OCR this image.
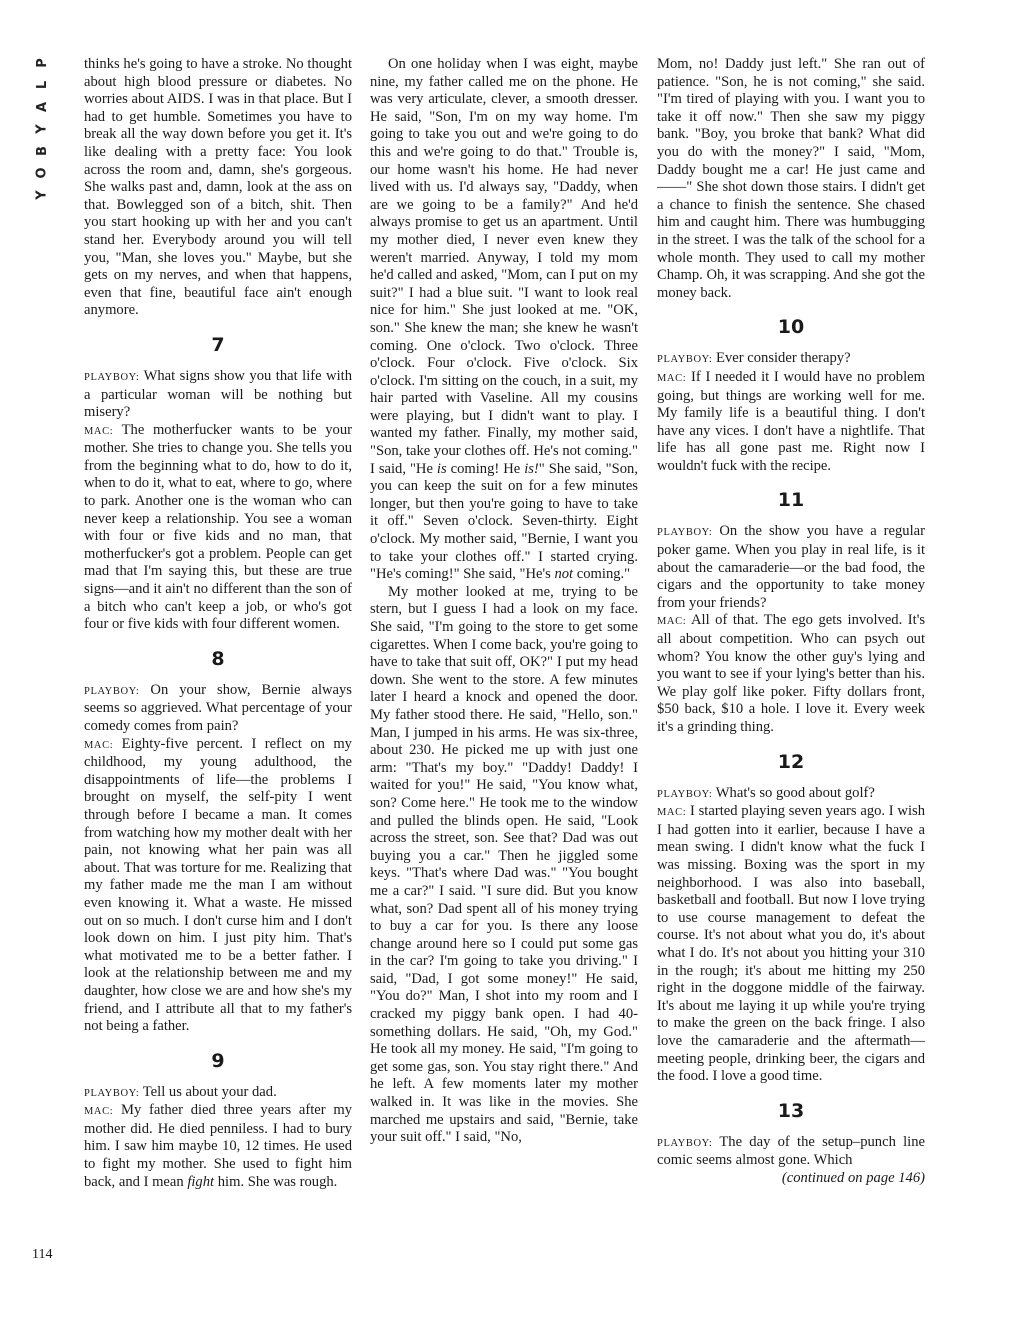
P
L
A
Y
B
O
Y

thinks he's going to have a stroke. No thought about high blood pressure or diabetes. No worries about AIDS. I was in that place. But I had to get humble. Sometimes you have to break all the way down before you get it. It's like dealing with a pretty face: You look across the room and, damn, she's gorgeous. She walks past and, damn, look at the ass on that. Bowlegged son of a bitch, shit. Then you start hooking up with her and you can't stand her. Everybody around you will tell you, "Man, she loves you." Maybe, but she gets on my nerves, and when that happens, even that fine, beautiful face ain't enough anymore.

7

PLAYBOY: What signs show you that life with a particular woman will be nothing but misery?

MAC: The motherfucker wants to be your mother. She tries to change you. She tells you from the beginning what to do, how to do it, when to do it, what to eat, where to go, where to park. Another one is the woman who can never keep a relationship. You see a woman with four or five kids and no man, that motherfucker's got a problem. People can get mad that I'm saying this, but these are true signs—and it ain't no different than the son of a bitch who can't keep a job, or who's got four or five kids with four different women.

8

PLAYBOY: On your show, Bernie always seems so aggrieved. What percentage of your comedy comes from pain?

MAC: Eighty-five percent. I reflect on my childhood, my young adulthood, the disappointments of life—the problems I brought on myself, the self-pity I went through before I became a man. It comes from watching how my mother dealt with her pain, not knowing what her pain was all about. That was torture for me. Realizing that my father made me the man I am without even knowing it. What a waste. He missed out on so much. I don't curse him and I don't look down on him. I just pity him. That's what motivated me to be a better father. I look at the relationship between me and my daughter, how close we are and how she's my friend, and I attribute all that to my father's not being a father.

9

PLAYBOY: Tell us about your dad.

MAC: My father died three years after my mother did. He died penniless. I had to bury him. I saw him maybe 10, 12 times. He used to fight my mother. She used to fight him back, and I mean fight him. She was rough.

On one holiday when I was eight, maybe nine, my father called me on the phone. He was very articulate, clever, a smooth dresser. He said, "Son, I'm on my way home. I'm going to take you out and we're going to do this and we're going to do that." Trouble is, our home wasn't his home. He had never lived with us. I'd always say, "Daddy, when are we going to be a family?" And he'd always promise to get us an apartment. Until my mother died, I never even knew they weren't married. Anyway, I told my mom he'd called and asked, "Mom, can I put on my suit?" I had a blue suit. "I want to look real nice for him." She just looked at me. "OK, son." She knew the man; she knew he wasn't coming. One o'clock. Two o'clock. Three o'clock. Four o'clock. Five o'clock. Six o'clock. I'm sitting on the couch, in a suit, my hair parted with Vaseline. All my cousins were playing, but I didn't want to play. I wanted my father. Finally, my mother said, "Son, take your clothes off. He's not coming." I said, "He is coming! He is!" She said, "Son, you can keep the suit on for a few minutes longer, but then you're going to have to take it off." Seven o'clock. Seven-thirty. Eight o'clock. My mother said, "Bernie, I want you to take your clothes off." I started crying. "He's coming!" She said, "He's not coming."

My mother looked at me, trying to be stern, but I guess I had a look on my face. She said, "I'm going to the store to get some cigarettes. When I come back, you're going to have to take that suit off, OK?" I put my head down. She went to the store. A few minutes later I heard a knock and opened the door. My father stood there. He said, "Hello, son." Man, I jumped in his arms. He was six-three, about 230. He picked me up with just one arm: "That's my boy." "Daddy! Daddy! I waited for you!" He said, "You know what, son? Come here." He took me to the window and pulled the blinds open. He said, "Look across the street, son. See that? Dad was out buying you a car." Then he jiggled some keys. "That's where Dad was." "You bought me a car?" I said. "I sure did. But you know what, son? Dad spent all of his money trying to buy a car for you. Is there any loose change around here so I could put some gas in the car? I'm going to take you driving." I said, "Dad, I got some money!" He said, "You do?" Man, I shot into my room and I cracked my piggy bank open. I had 40-something dollars. He said, "Oh, my God." He took all my money. He said, "I'm going to get some gas, son. You stay right there." And he left. A few moments later my mother walked in. It was like in the movies. She marched me upstairs and said, "Bernie, take your suit off." I said, "No,

Mom, no! Daddy just left." She ran out of patience. "Son, he is not coming," she said. "I'm tired of playing with you. I want you to take it off now." Then she saw my piggy bank. "Boy, you broke that bank? What did you do with the money?" I said, "Mom, Daddy bought me a car! He just came and——" She shot down those stairs. I didn't get a chance to finish the sentence. She chased him and caught him. There was humbugging in the street. I was the talk of the school for a whole month. They used to call my mother Champ. Oh, it was scrapping. And she got the money back.

10

PLAYBOY: Ever consider therapy?

MAC: If I needed it I would have no problem going, but things are working well for me. My family life is a beautiful thing. I don't have any vices. I don't have a nightlife. That life has all gone past me. Right now I wouldn't fuck with the recipe.

11

PLAYBOY: On the show you have a regular poker game. When you play in real life, is it about the camaraderie—or the bad food, the cigars and the opportunity to take money from your friends?

MAC: All of that. The ego gets involved. It's all about competition. Who can psych out whom? You know the other guy's lying and you want to see if your lying's better than his. We play golf like poker. Fifty dollars front, $50 back, $10 a hole. I love it. Every week it's a grinding thing.

12

PLAYBOY: What's so good about golf?

MAC: I started playing seven years ago. I wish I had gotten into it earlier, because I have a mean swing. I didn't know what the fuck I was missing. Boxing was the sport in my neighborhood. I was also into baseball, basketball and football. But now I love trying to use course management to defeat the course. It's not about what you do, it's about what I do. It's not about you hitting your 310 in the rough; it's about me hitting my 250 right in the doggone middle of the fairway. It's about me laying it up while you're trying to make the green on the back fringe. I also love the camaraderie and the aftermath—meeting people, drinking beer, the cigars and the food. I love a good time.

13

PLAYBOY: The day of the setup–punch line comic seems almost gone. Which

(continued on page 146)

114
